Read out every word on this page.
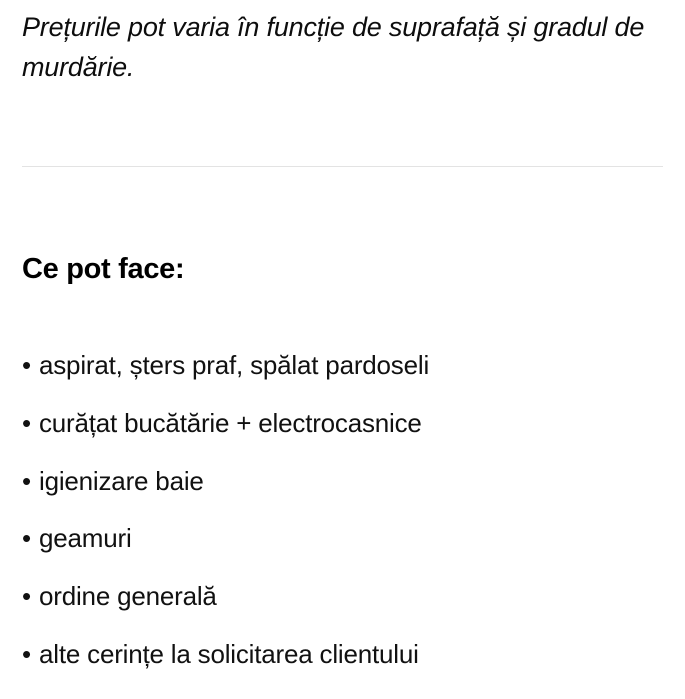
Prețurile pot varia în funcție de suprafață și gradul de murdărie.

Ce pot face:
• aspirat, șters praf, spălat pardoseli
• curățat bucătărie + electrocasnice
• igienizare baie
• geamuri
• ordine generală
• alte cerințe la solicitarea clientului
